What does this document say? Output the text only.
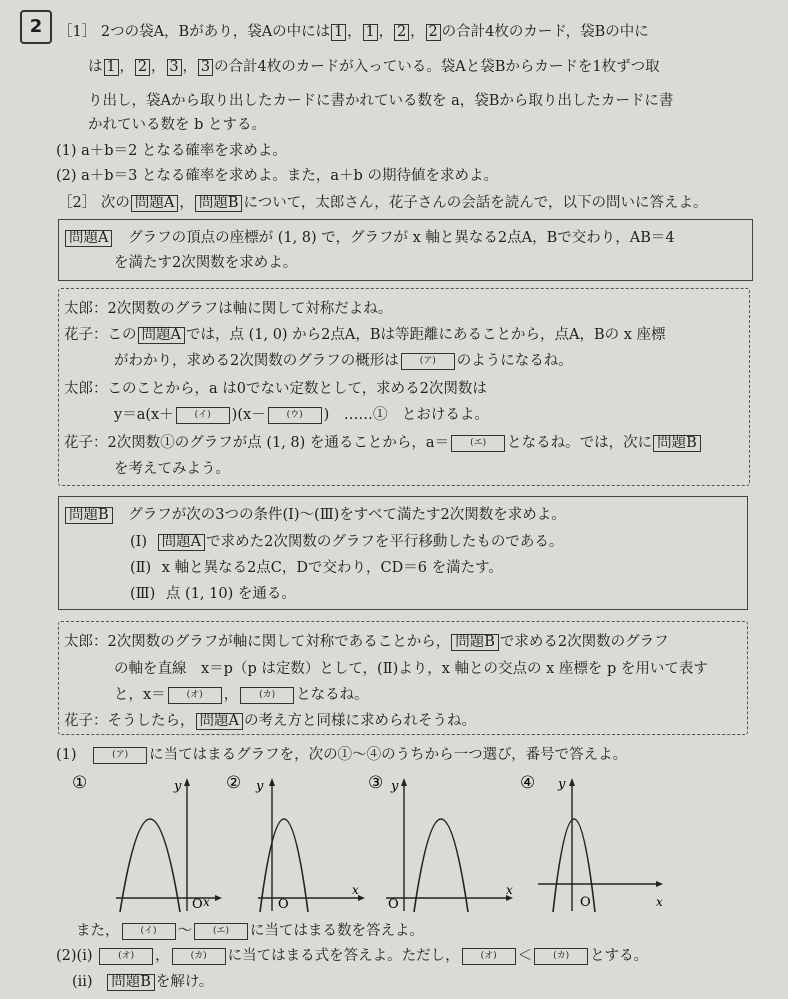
2	［1］ 2つの袋A，Bがあり，袋Aの中には 1 ， 1 ， 2 ， 2 の合計4枚のカード，袋Bの中に
は 1 ， 2 ， 3 ， 3 の合計4枚のカードが入っている。袋Aと袋Bからカードを1枚ずつ取
り出し，袋Aから取り出したカードに書かれている数を a，袋Bから取り出したカードに書
かれている数を b とする。
(1) a＋b＝2 となる確率を求めよ。
(2) a＋b＝3 となる確率を求めよ。また，a＋b の期待値を求めよ。
［2］ 次の 問題A ， 問題B について，太郎さん，花子さんの会話を読んで，以下の問いに答えよ。
問題A グラフの頂点の座標が (1, 8) で，グラフが x 軸と異なる2点A，Bで交わり，AB＝4
を満たす2次関数を求めよ。
太郎：2次関数のグラフは軸に関して対称だよね。
花子：この 問題A では，点 (1, 0) から2点A，Bは等距離にあることから，点A，Bの x 座標
がわかり，求める2次関数のグラフの概形は (ア) のようになるね。
太郎：このことから，a は0でない定数として，求める2次関数は
y＝a(x＋ (イ) )(x－ (ウ) )　……①　とおけるよ。
花子：2次関数①のグラフが点 (1, 8) を通ることから，a＝ (エ) となるね。では，次に 問題B
を考えてみよう。
問題B グラフが次の3つの条件(Ⅰ)〜(Ⅲ)をすべて満たす2次関数を求めよ。
(Ⅰ) 問題A で求めた2次関数のグラフを平行移動したものである。
(Ⅱ) x 軸と異なる2点C，Dで交わり，CD＝6 を満たす。
(Ⅲ) 点 (1, 10) を通る。
太郎：2次関数のグラフが軸に関して対称であることから， 問題B で求める2次関数のグラフ
の軸を直線　x＝p（p は定数）として，(Ⅱ)より，x 軸との交点の x 座標を p を用いて表す
と，x＝ (オ) ， (カ) となるね。
花子：そうしたら， 問題A の考え方と同様に求められそうね。
(1)	(ア) に当てはまるグラフを，次の①〜④のうちから一つ選び，番号で答えよ。
①	y
O x
② y
O
x
③ y
O
x
④ y
O	x
また， (イ) 〜 (エ) に当てはまる数を答えよ。
(2)(i)	(オ) ， (カ) に当てはまる式を答えよ。ただし， (オ) ＜ (カ) とする。
(ii) 問題B を解け。
